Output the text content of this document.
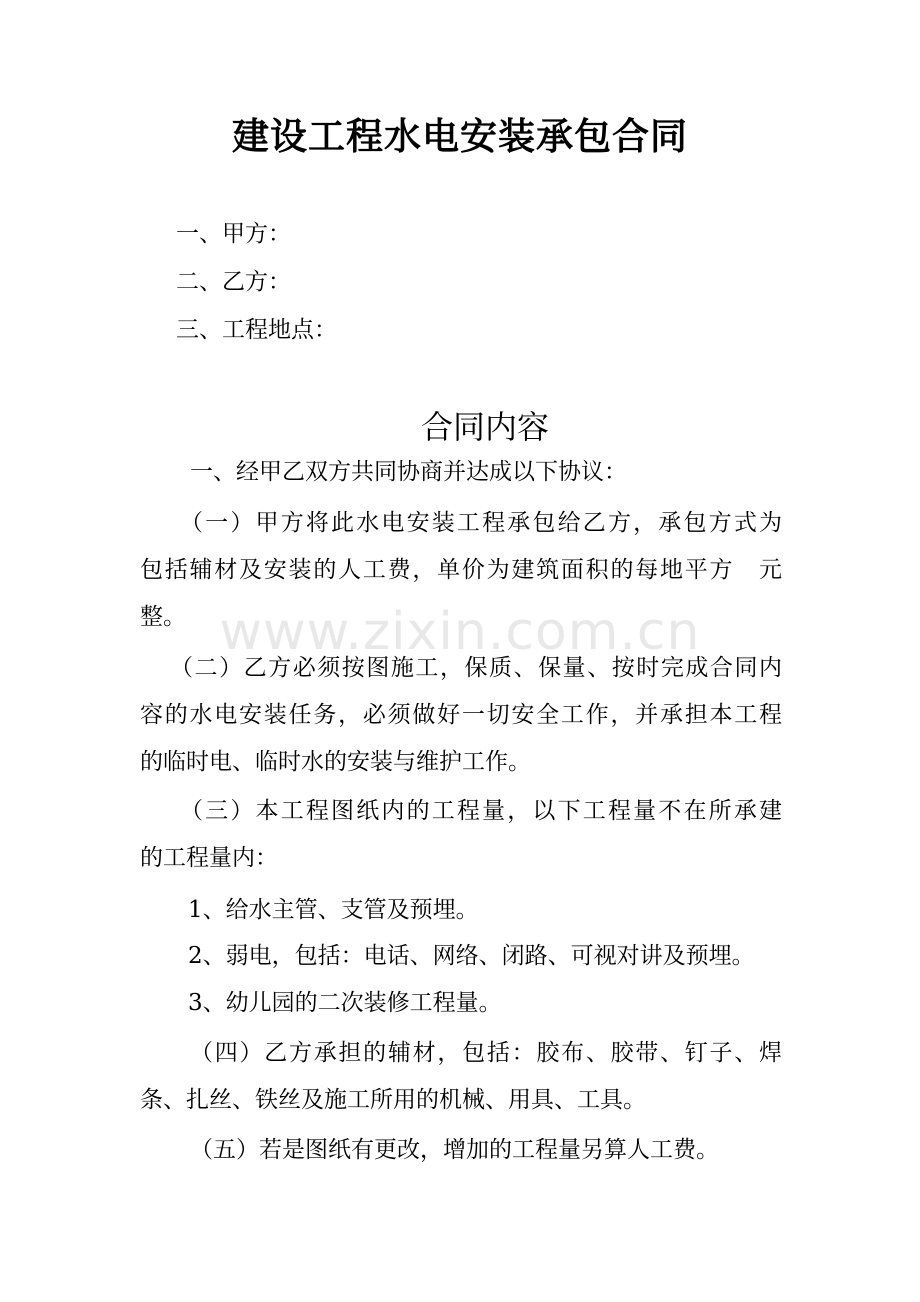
www.zixin.com.cn
建设工程水电安装承包合同
一、甲方：
二、乙方：
三、工程地点：
合同内容
一、经甲乙双方共同协商并达成以下协议：
（一）甲方将此水电安装工程承包给乙方，承包方式为
包括辅材及安装的人工费，单价为建筑面积的每地平方　元
整。
（二）乙方必须按图施工，保质、保量、按时完成合同内
容的水电安装任务，必须做好一切安全工作，并承担本工程
的临时电、临时水的安装与维护工作。
（三）本工程图纸内的工程量，以下工程量不在所承建
的工程量内：
1、给水主管、支管及预埋。
2、弱电，包括：电话、网络、闭路、可视对讲及预埋。
3、幼儿园的二次装修工程量。
（四）乙方承担的辅材，包括：胶布、胶带、钉子、焊
条、扎丝、铁丝及施工所用的机械、用具、工具。
（五）若是图纸有更改，增加的工程量另算人工费。
